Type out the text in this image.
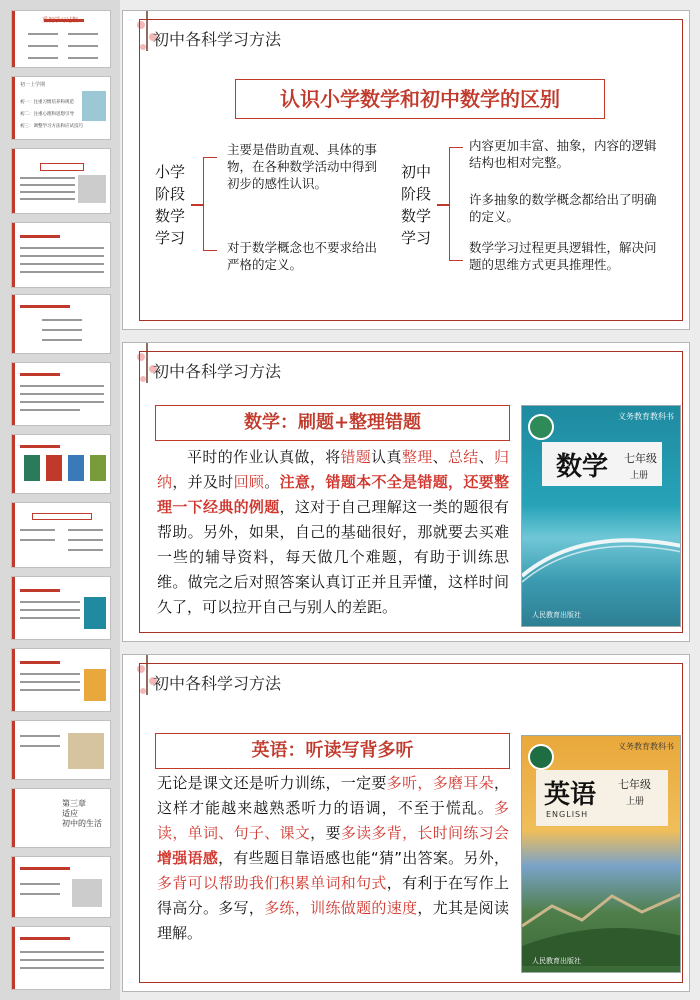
重视学习过程
初一上学期
初一：注重习惯培养和规范
初二：注重心理和思想引导
初三：调整学习方法和应试技巧
第三章
适应
初中的生活
初中各科学习方法
认识小学数学和初中数学的区别
小学
阶段
数学
学习
主要是借助直观、具体的事物，在各种数学活动中得到初步的感性认识。
对于数学概念也不要求给出严格的定义。
初中
阶段
数学
学习
内容更加丰富、抽象，内容的逻辑结构也相对完整。
许多抽象的数学概念都给出了明确的定义。
数学学习过程更具逻辑性，解决问题的思维方式更具推理性。
初中各科学习方法
数学：刷题+整理错题
平时的作业认真做，将错题认真整理、总结、归纳，并及时回顾。注意，错题本不全是错题，还要整理一下经典的例题，这对于自己理解这一类的题很有帮助。另外，如果，自己的基础很好，那就要去买难一些的辅导资料，每天做几个难题，有助于训练思维。做完之后对照答案认真订正并且弄懂，这样时间久了，可以拉开自己与别人的差距。
义务教育教科书
数学 七年级
上册
人民教育出版社
初中各科学习方法
英语：听读写背多听
无论是课文还是听力训练，一定要多听，多磨耳朵，这样才能越来越熟悉听力的语调，不至于慌乱。多读，单词、句子、课文，要多读多背，长时间练习会增强语感，有些题目靠语感也能“猜”出答案。另外，多背可以帮助我们积累单词和句式，有利于在写作上得高分。多写，多练，训练做题的速度，尤其是阅读理解。
义务教育教科书
英语 七年级
上册
ENGLISH
人民教育出版社
